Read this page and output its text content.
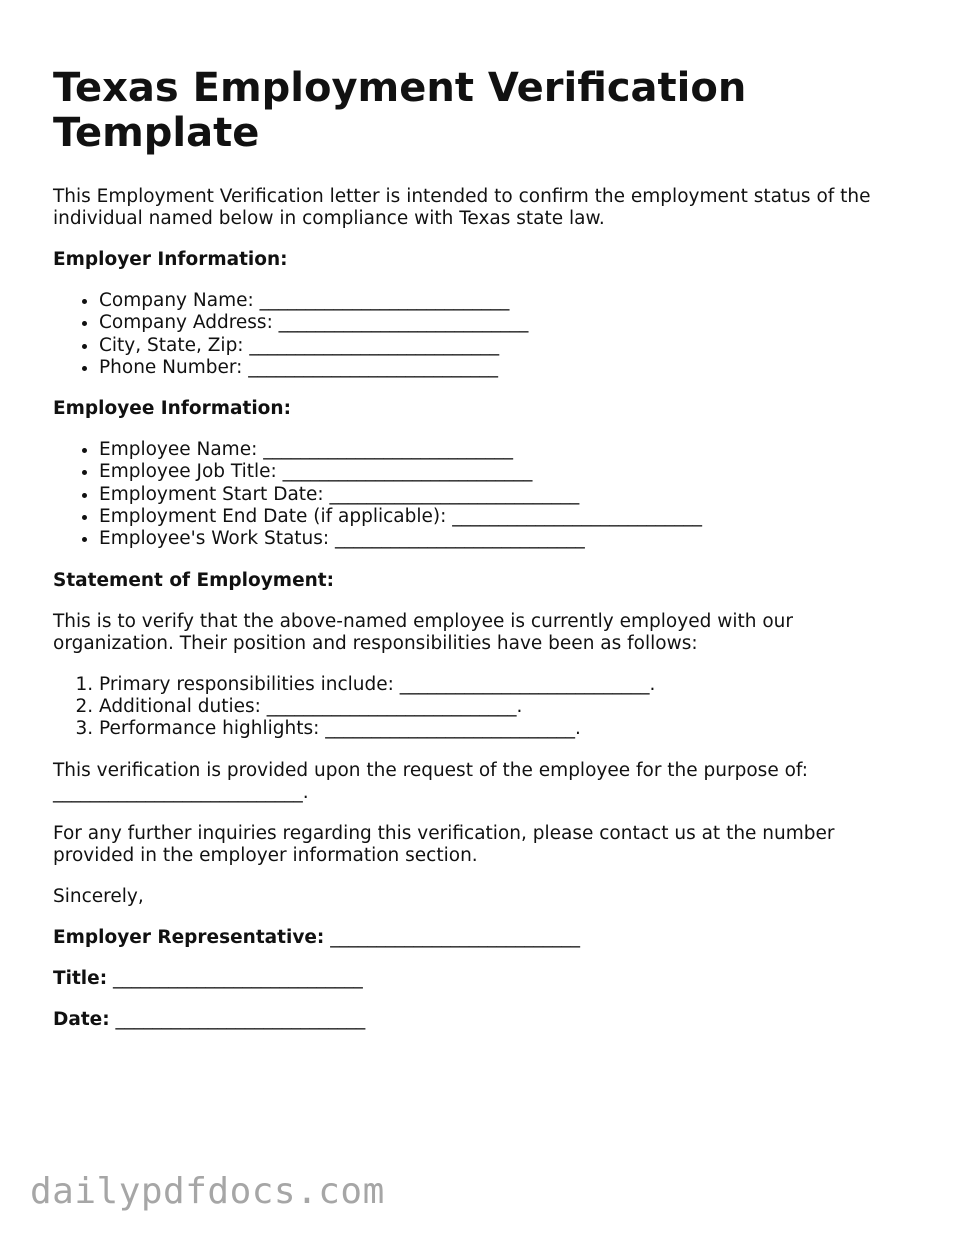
Texas Employment Verification Template

This Employment Verification letter is intended to confirm the employment status of the individual named below in compliance with Texas state law.

Employer Information:
• Company Name: ___________________________
• Company Address: ___________________________
• City, State, Zip: ___________________________
• Phone Number: ___________________________
Employee Information:
• Employee Name: ___________________________
• Employee Job Title: ___________________________
• Employment Start Date: ___________________________
• Employment End Date (if applicable): ___________________________
• Employee's Work Status: ___________________________
Statement of Employment:

This is to verify that the above-named employee is currently employed with our organization. Their position and responsibilities have been as follows:

1. Primary responsibilities include: ___________________________.
2. Additional duties: ___________________________.
3. Performance highlights: ___________________________.

This verification is provided upon the request of the employee for the purpose of: ___________________________.

For any further inquiries regarding this verification, please contact us at the number provided in the employer information section.

Sincerely,

Employer Representative: ___________________________

Title: ___________________________

Date: ___________________________

dailypdfdocs.com
